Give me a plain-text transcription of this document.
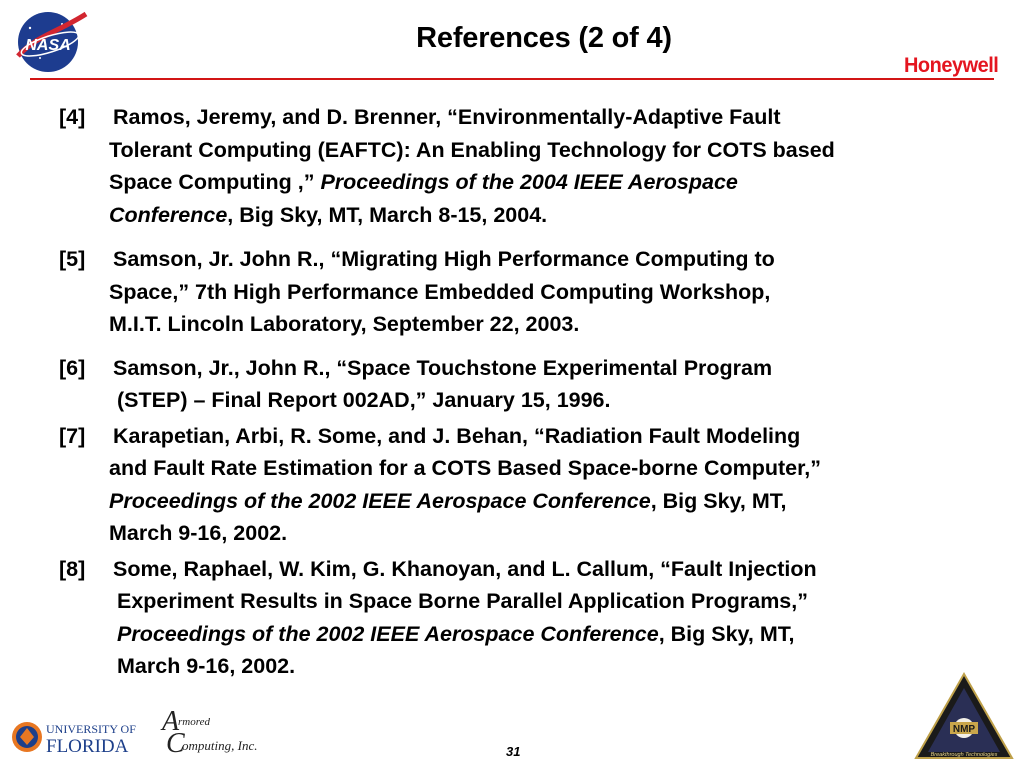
NASA	References (2 of 4)
Honeywell
[4]	Ramos, Jeremy, and D. Brenner, “Environmentally-Adaptive Fault
Tolerant Computing (EAFTC): An Enabling Technology for COTS based
Space Computing ,” Proceedings of the 2004 IEEE Aerospace
Conference, Big Sky, MT, March 8-15, 2004.
[5]	Samson, Jr. John R., “Migrating High Performance Computing to
Space,” 7th High Performance Embedded Computing Workshop,
M.I.T. Lincoln Laboratory, September 22, 2003.
[6]	Samson, Jr., John R., “Space Touchstone Experimental Program
(STEP) – Final Report 002AD,” January 15, 1996.
[7]	Karapetian, Arbi, R. Some, and J. Behan, “Radiation Fault Modeling
and Fault Rate Estimation for a COTS Based Space-borne Computer,”
Proceedings of the 2002 IEEE Aerospace Conference, Big Sky, MT,
March 9-16, 2002.
[8]	Some, Raphael, W. Kim, G. Khanoyan, and L. Callum, “Fault Injection
Experiment Results in Space Borne Parallel Application Programs,”
Proceedings of the 2002 IEEE Aerospace Conference, Big Sky, MT,
March 9-16, 2002.
UNIVERSITY OF
FLORIDA
A
rmored
C
omputing, Inc.	31
NMP
Breakthrough Technologies
